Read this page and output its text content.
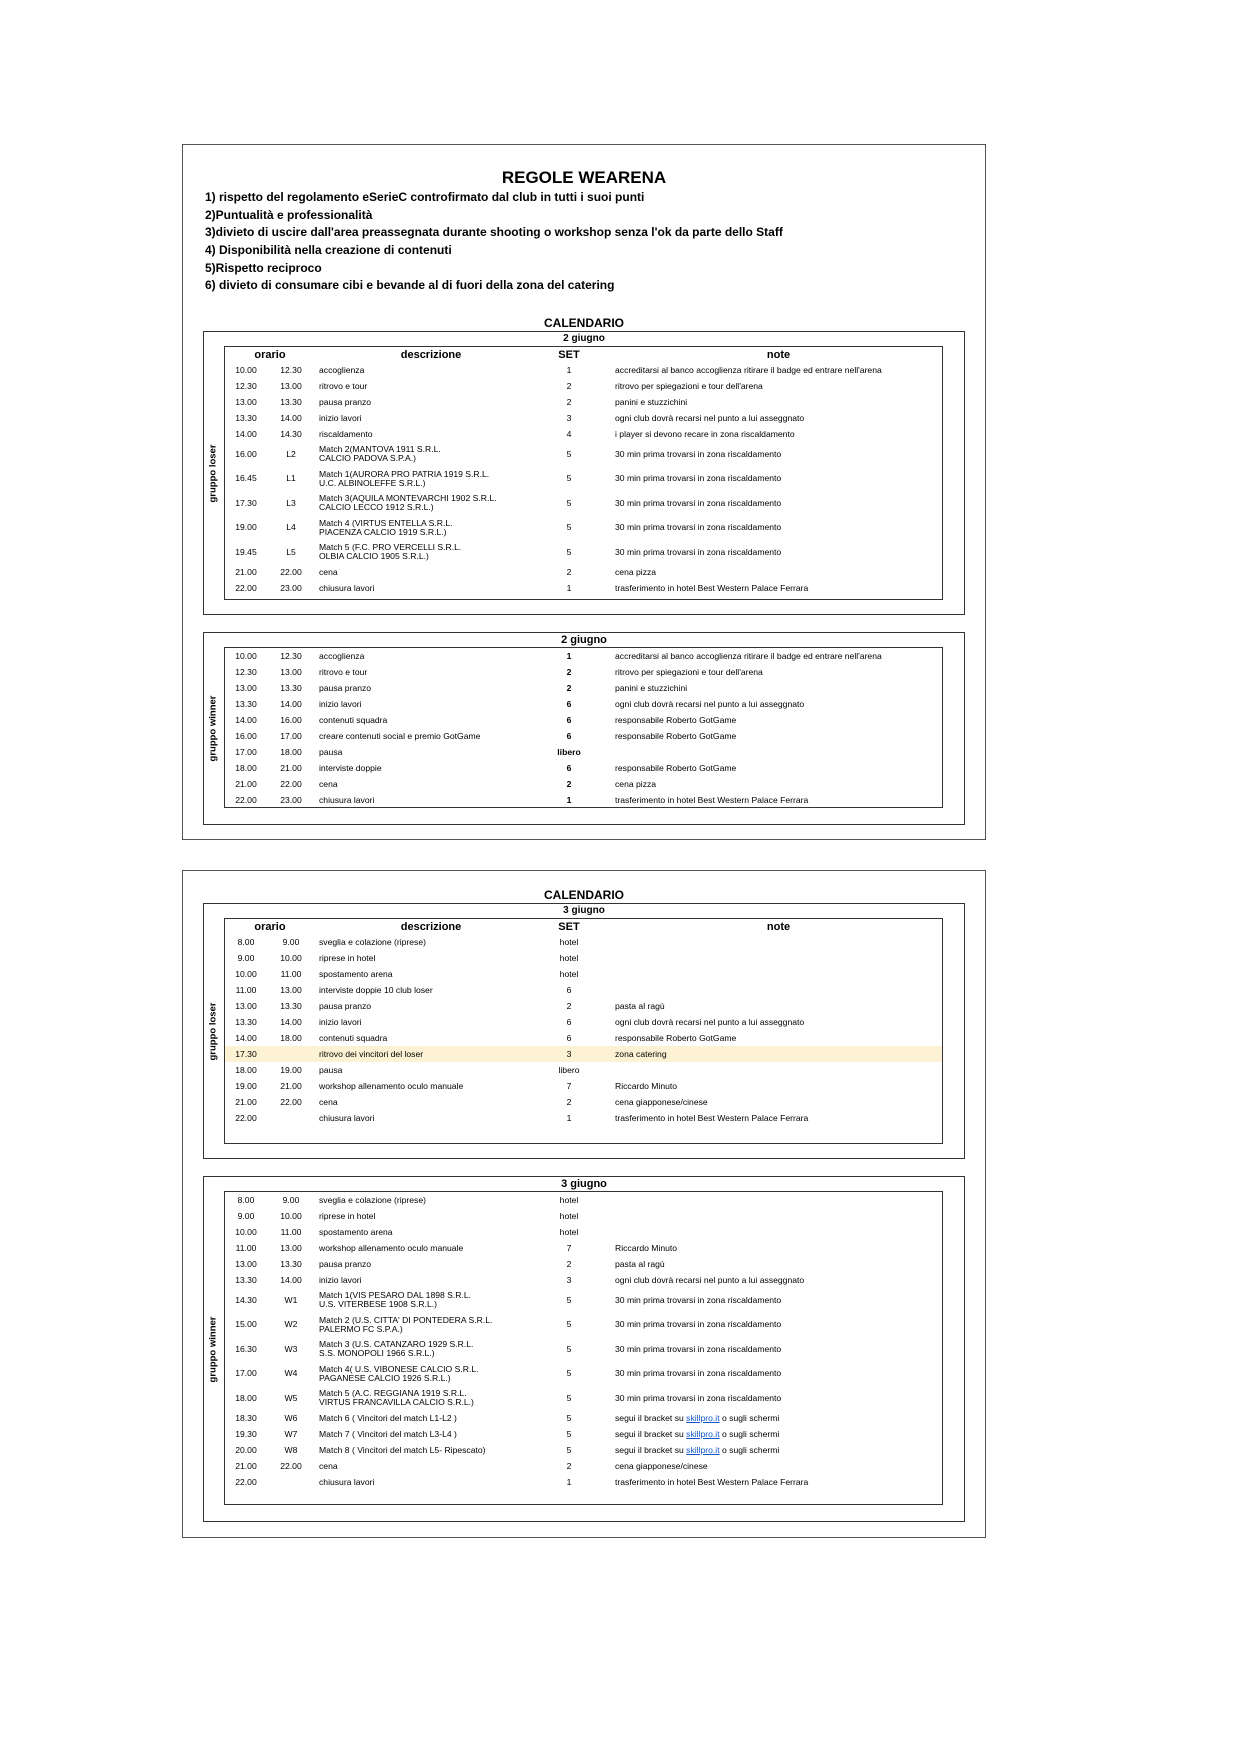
REGOLE WEARENA
1) rispetto del regolamento eSerieC controfirmato dal club in tutti i suoi punti
2)Puntualità e professionalità
3)divieto di uscire dall'area preassegnata durante shooting o workshop senza l'ok da parte dello Staff
4) Disponibilità nella creazione di contenuti
5)Rispetto reciproco
6) divieto di consumare cibi e bevande al di fuori della zona del catering
CALENDARIO
2 giugno
gruppo loser
orario		descrizione	SET		note
10.00	12.30	accoglienza	1		accreditarsi al banco accoglienza ritirare il badge ed entrare nell'arena
12.30	13.00	ritrovo e tour	2		ritrovo per spiegazioni e tour dell'arena
13.00	13.30	pausa pranzo	2		panini e stuzzichini
13.30	14.00	inizio lavori	3		ogni club dovrà recarsi nel punto a lui asseggnato
14.00	14.30	riscaldamento	4		i player si devono recare in zona riscaldamento
16.00	L2	Match 2(MANTOVA 1911 S.R.L.
CALCIO PADOVA S.P.A.)	5		30 min prima trovarsi in zona riscaldamento
16.45	L1	Match 1(AURORA PRO PATRIA 1919 S.R.L.
U.C. ALBINOLEFFE S.R.L.)	5		30 min prima trovarsi in zona riscaldamento
17.30	L3	Match 3(AQUILA MONTEVARCHI 1902 S.R.L.
CALCIO LECCO 1912 S.R.L.)	5		30 min prima trovarsi in zona riscaldamento
19.00	L4	Match 4 (VIRTUS ENTELLA S.R.L.
PIACENZA CALCIO 1919 S.R.L.)	5		30 min prima trovarsi in zona riscaldamento
19.45	L5	Match 5 (F.C. PRO VERCELLI S.R.L.
OLBIA CALCIO 1905 S.R.L.)	5		30 min prima trovarsi in zona riscaldamento
21.00	22.00	cena	2		cena pizza
22.00	23.00	chiusura lavori	1		trasferimento in hotel Best Western Palace Ferrara
2 giugno
gruppo winner
10.00	12.30	accoglienza	1		accreditarsi al banco accoglienza ritirare il badge ed entrare nell'arena
12.30	13.00	ritrovo e tour	2		ritrovo per spiegazioni e tour dell'arena
13.00	13.30	pausa pranzo	2		panini e stuzzichini
13.30	14.00	inizio lavori	6		ogni club dovrà recarsi nel punto a lui asseggnato
14.00	16.00	contenuti squadra	6		responsabile Roberto GotGame
16.00	17.00	creare contenuti social e premio GotGame	6		responsabile Roberto GotGame
17.00	18.00	pausa	libero		
18.00	21.00	interviste doppie	6		responsabile Roberto GotGame
21.00	22.00	cena	2		cena pizza
22.00	23.00	chiusura lavori	1		trasferimento in hotel Best Western Palace Ferrara
CALENDARIO
3 giugno
gruppo loser
orario		descrizione	SET		note
8.00	9.00	sveglia e colazione (riprese)	hotel		
9.00	10.00	riprese in hotel	hotel		
10.00	11.00	spostamento arena	hotel		
11.00	13.00	interviste doppie 10 club loser	6		
13.00	13.30	pausa pranzo	2		pasta al ragù
13.30	14.00	inizio lavori	6		ogni club dovrà recarsi nel punto a lui asseggnato
14.00	18.00	contenuti squadra	6		responsabile Roberto GotGame
17.30		ritrovo dei vincitori del loser	3		zona catering
18.00	19.00	pausa	libero		
19.00	21.00	workshop allenamento oculo manuale	7		Riccardo Minuto
21.00	22.00	cena	2		cena giapponese/cinese
22.00		chiusura lavori	1		trasferimento in hotel Best Western Palace Ferrara
3 giugno
gruppo winner
8.00	9.00	sveglia e colazione (riprese)	hotel		
9.00	10.00	riprese in hotel	hotel		
10.00	11.00	spostamento arena	hotel		
11.00	13.00	workshop allenamento oculo manuale	7		Riccardo Minuto
13.00	13.30	pausa pranzo	2		pasta al ragù
13.30	14.00	inizio lavori	3		ogni club dovrà recarsi nel punto a lui asseggnato
14.30	W1	Match 1(VIS PESARO DAL 1898 S.R.L.
U.S. VITERBESE 1908 S.R.L.)	5		30 min prima trovarsi in zona riscaldamento
15.00	W2	Match 2 (U.S. CITTA' DI PONTEDERA S.R.L.
PALERMO FC S.P.A.)	5		30 min prima trovarsi in zona riscaldamento
16.30	W3	Match 3 (U.S. CATANZARO 1929 S.R.L.
S.S. MONOPOLI 1966 S.R.L.)	5		30 min prima trovarsi in zona riscaldamento
17.00	W4	Match 4( U.S. VIBONESE CALCIO S.R.L.
PAGANESE CALCIO 1926 S.R.L.)	5		30 min prima trovarsi in zona riscaldamento
18.00	W5	Match 5 (A.C. REGGIANA 1919 S.R.L.
VIRTUS FRANCAVILLA CALCIO S.R.L.)	5		30 min prima trovarsi in zona riscaldamento
18.30	W6	Match 6 ( Vincitori del match L1-L2 )	5		segui il bracket su skillpro.it o sugli schermi
19.30	W7	Match 7 ( Vincitori del match L3-L4 )	5		segui il bracket su skillpro.it o sugli schermi
20.00	W8	Match 8 ( Vincitori del match L5- Ripescato)	5		segui il bracket su skillpro.it o sugli schermi
21.00	22.00	cena	2		cena giapponese/cinese
22.00		chiusura lavori	1		trasferimento in hotel Best Western Palace Ferrara
